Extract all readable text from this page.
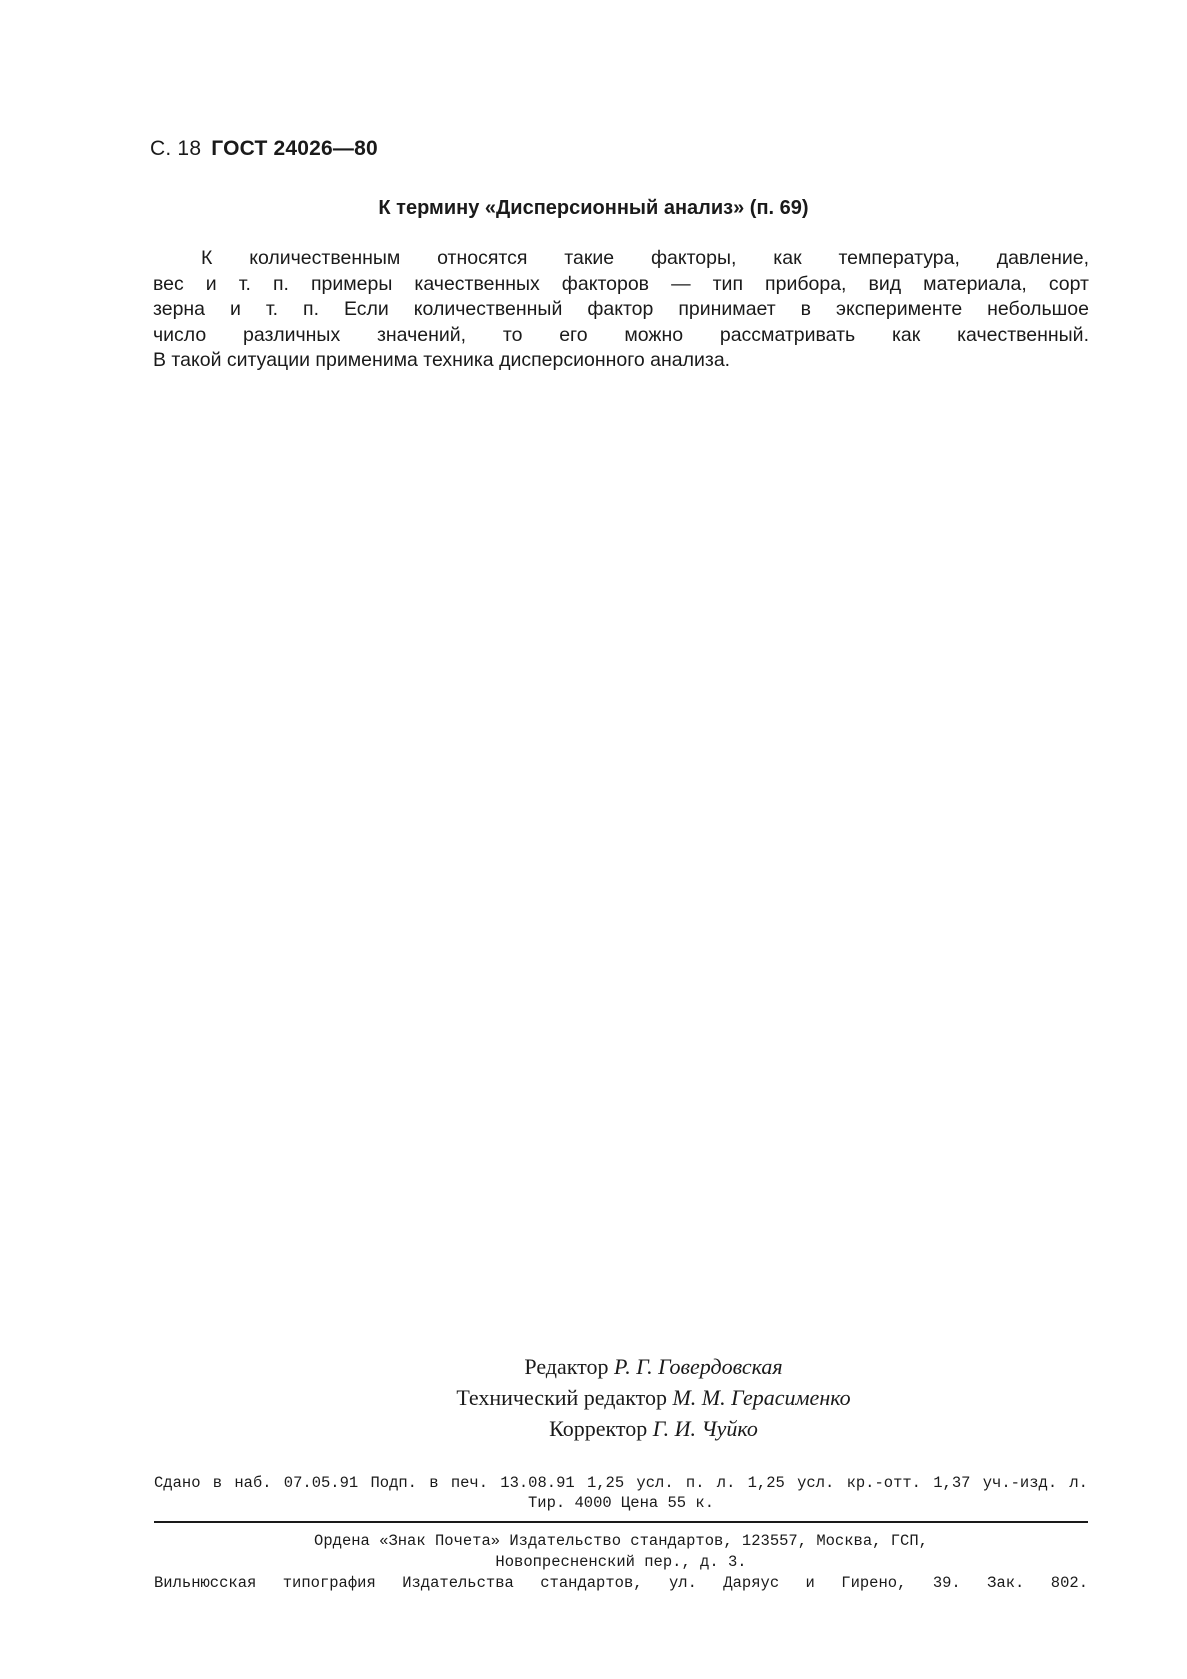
С. 18 ГОСТ 24026—80
К термину «Дисперсионный анализ» (п. 69)
К количественным относятся такие факторы, как температура, давление,
вес и т. п. примеры качественных факторов — тип прибора, вид материала, сорт
зерна и т. п. Если количественный фактор принимает в эксперименте небольшое
число различных значений, то его можно рассматривать как качественный.
В такой ситуации применима техника дисперсионного анализа.
Редактор Р. Г. Говердовская
Технический редактор М. М. Герасименко
Корректор Г. И. Чуйко
Сдано в наб. 07.05.91 Подп. в печ. 13.08.91 1,25 усл. п. л. 1,25 усл. кр.-отт. 1,37 уч.-изд. л.
Тир. 4000 Цена 55 к.
Ордена «Знак Почета» Издательство стандартов, 123557, Москва, ГСП,
Новопресненский пер., д. 3.
Вильнюсская типография Издательства стандартов, ул. Даряус и Гирено, 39. Зак. 802.
